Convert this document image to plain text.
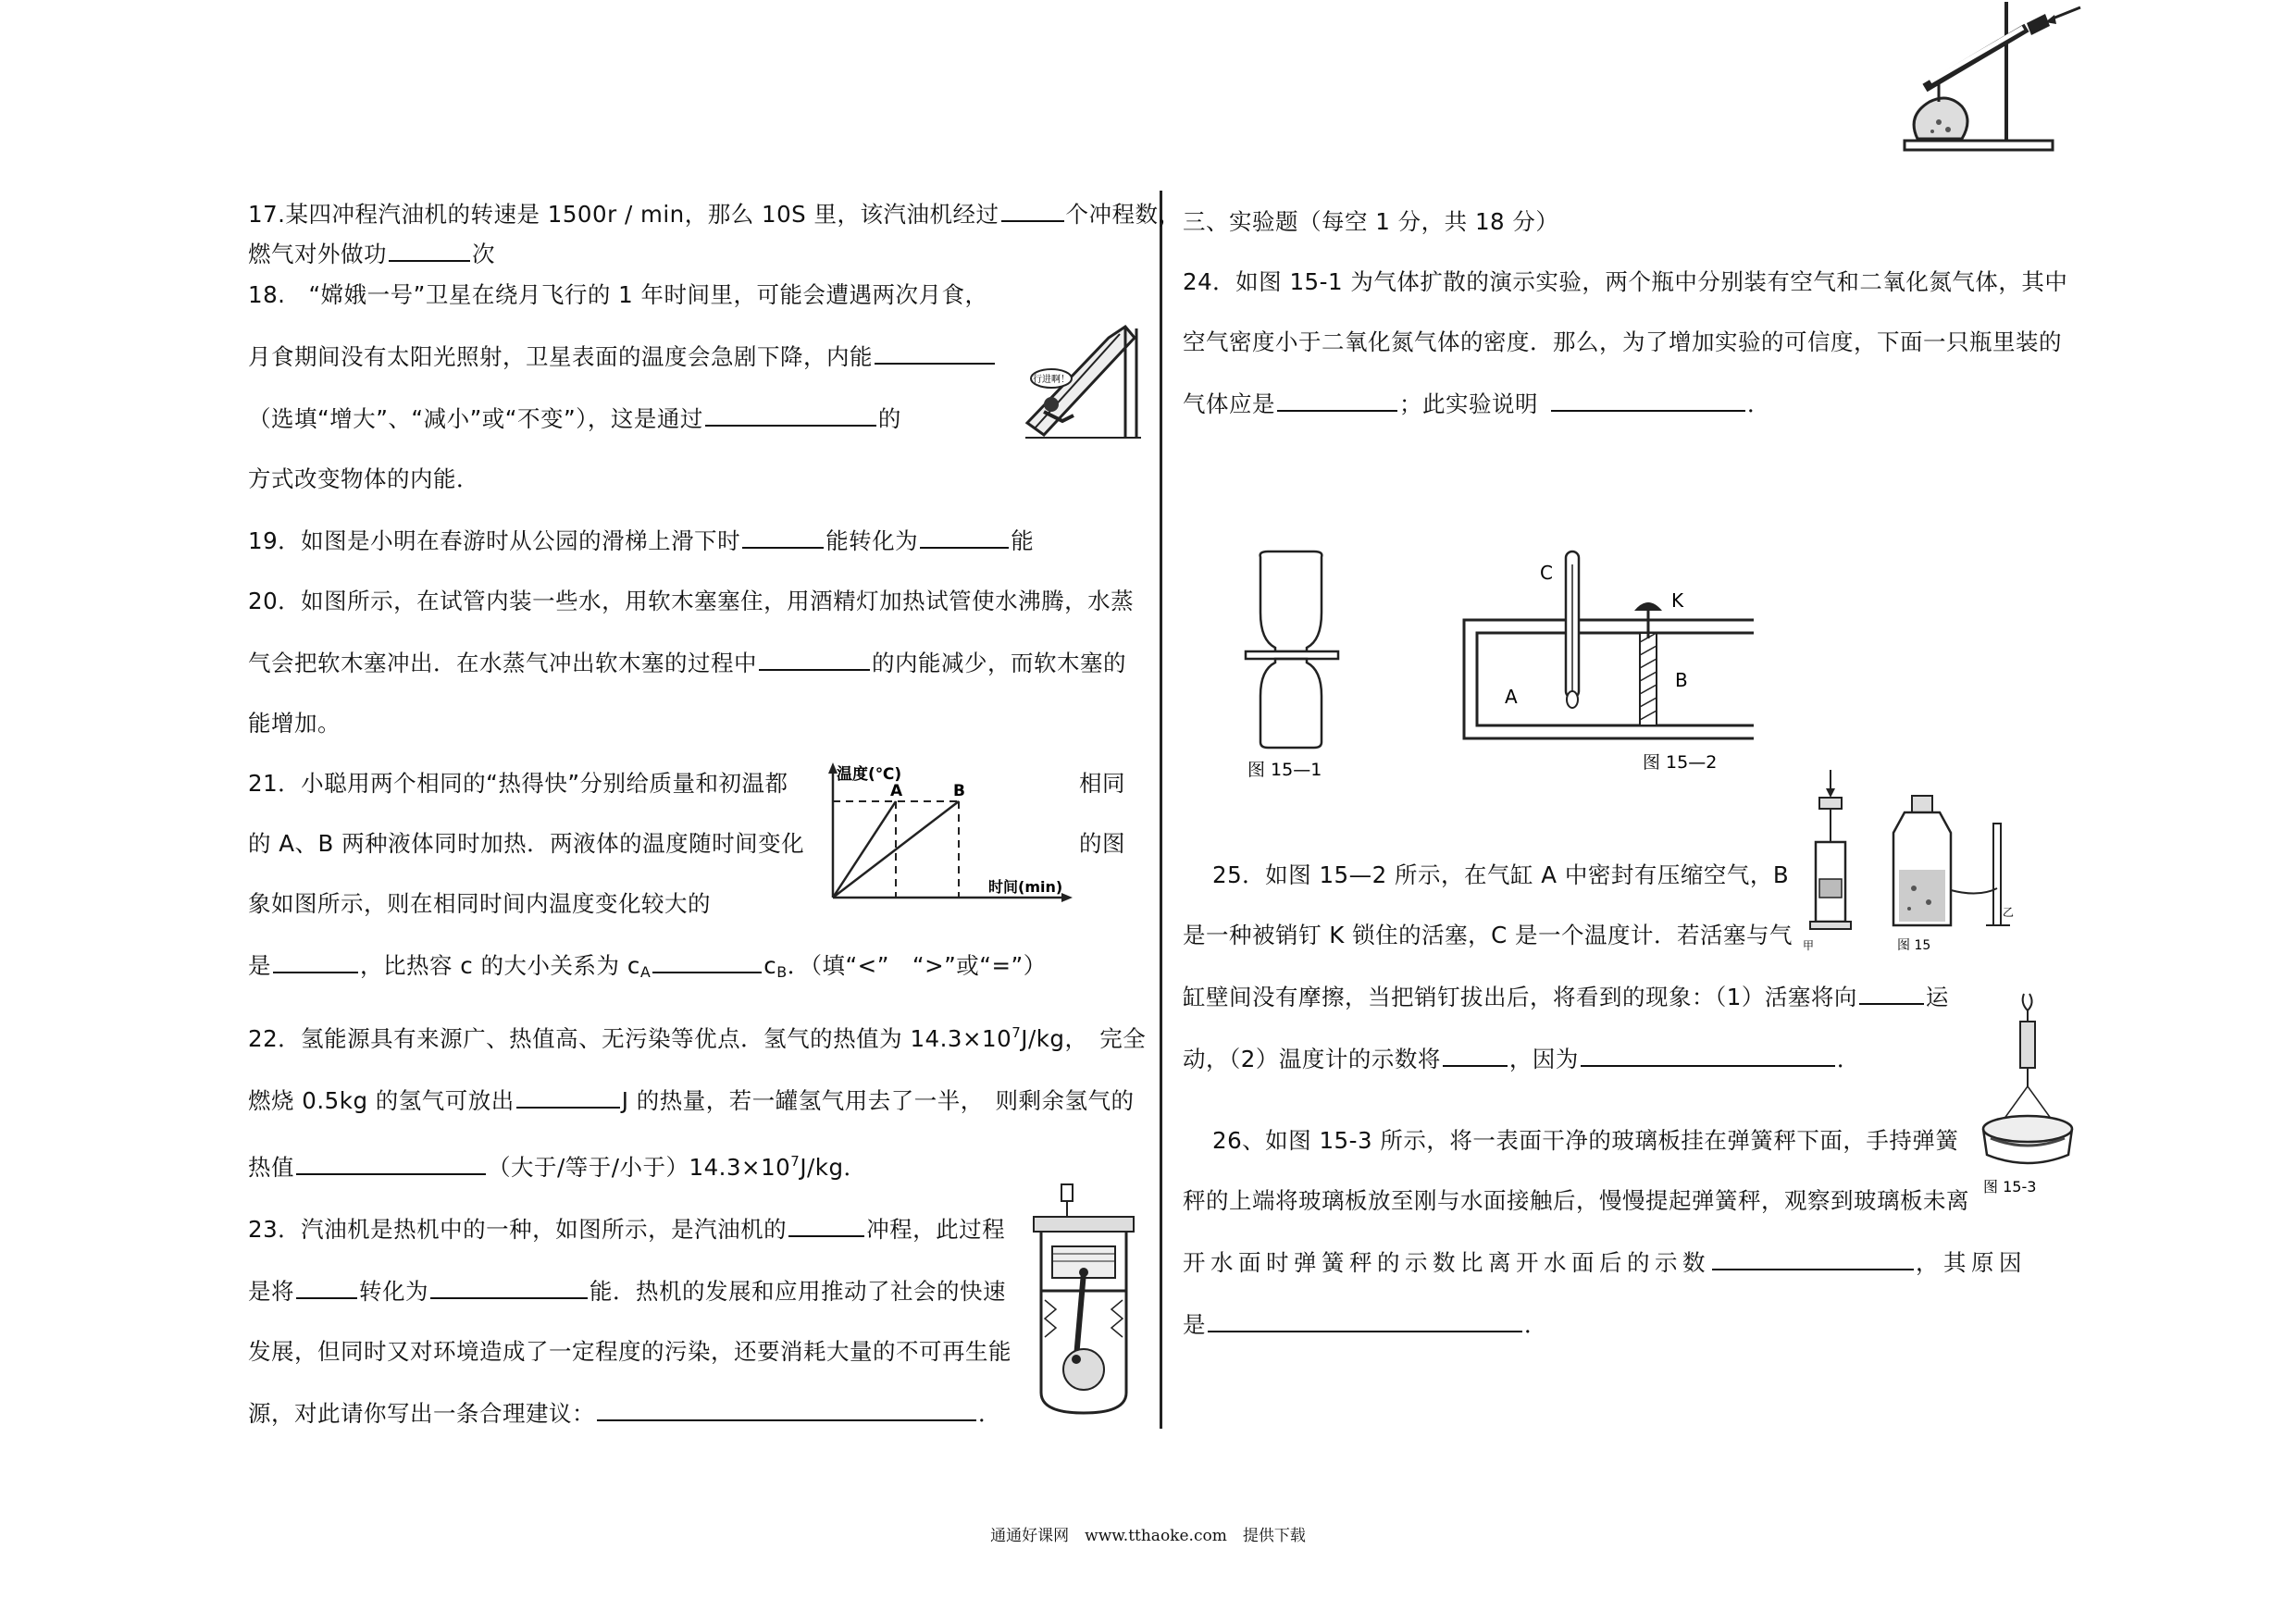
17.某四冲程汽油机的转速是 1500r / min，那么 10S 里，该汽油机经过	个冲程数，

燃气对外做功	次

18.　“嫦娥一号”卫星在绕月飞行的 1 年时间里，可能会遭遇两次月食，

月食期间没有太阳光照射，卫星表面的温度会急剧下降，内能

（选填“增大”、“减小”或“不变”），这是通过	的

方式改变物体的内能．

19．如图是小明在春游时从公园的滑梯上滑下时	能转化为	能

20．如图所示，在试管内装一些水，用软木塞塞住，用酒精灯加热试管使水沸腾，水蒸

气会把软木塞冲出．在水蒸气冲出软木塞的过程中	的内能减少，而软木塞的

能增加。

21．小聪用两个相同的“热得快”分别给质量和初温都	相同

的 A、B 两种液体同时加热．两液体的温度随时间变化	的图

象如图所示，则在相同时间内温度变化较大的

是	，比热容 c 的大小关系为 $c_A$	$c_B$．（填“<”　“>”或“=”）

22．氢能源具有来源广、热值高、无污染等优点．氢气的热值为 $14.3\times 10^7J/kg$，　完全

燃烧 0.5kg 的氢气可放出	J 的热量，若一罐氢气用去了一半，　则剩余氢气的

热值	（大于/等于/小于）$14.3\times 10^7J/kg$．

23．汽油机是热机中的一种，如图所示，是汽油机的	冲程，此过程

是将	转化为	能．热机的发展和应用推动了社会的快速

发展，但同时又对环境造成了一定程度的污染，还要消耗大量的不可再生能

源，对此请你写出一条合理建议：	．

行进啊！
温度(℃)
时间(min)
A	B

三、实验题（每空 1 分，共 18 分）

24．如图 15-1 为气体扩散的演示实验，两个瓶中分别装有空气和二氧化氮气体，其中

空气密度小于二氧化氮气体的密度．那么，为了增加实验的可信度，下面一只瓶里装的

气体应是	；此实验说明	．

图 15—1
C
K
A
B
图 15—2
甲
乙
图 15

25．如图 15—2 所示，在气缸 A 中密封有压缩空气，B

是一种被销钉 K 锁住的活塞，C 是一个温度计．若活塞与气

缸壁间没有摩擦，当把销钉拔出后，将看到的现象：（1）活塞将向	运

动，（2）温度计的示数将	，因为	．

26、如图 15-3 所示，将一表面干净的玻璃板挂在弹簧秤下面，手持弹簧

秤的上端将玻璃板放至刚与水面接触后，慢慢提起弹簧秤，观察到玻璃板未离

开水面时弹簧秤的示数比离开水面后的示数	，其原因

是	．

图 15-3
通通好课网　www.tthaoke.com　提供下载
